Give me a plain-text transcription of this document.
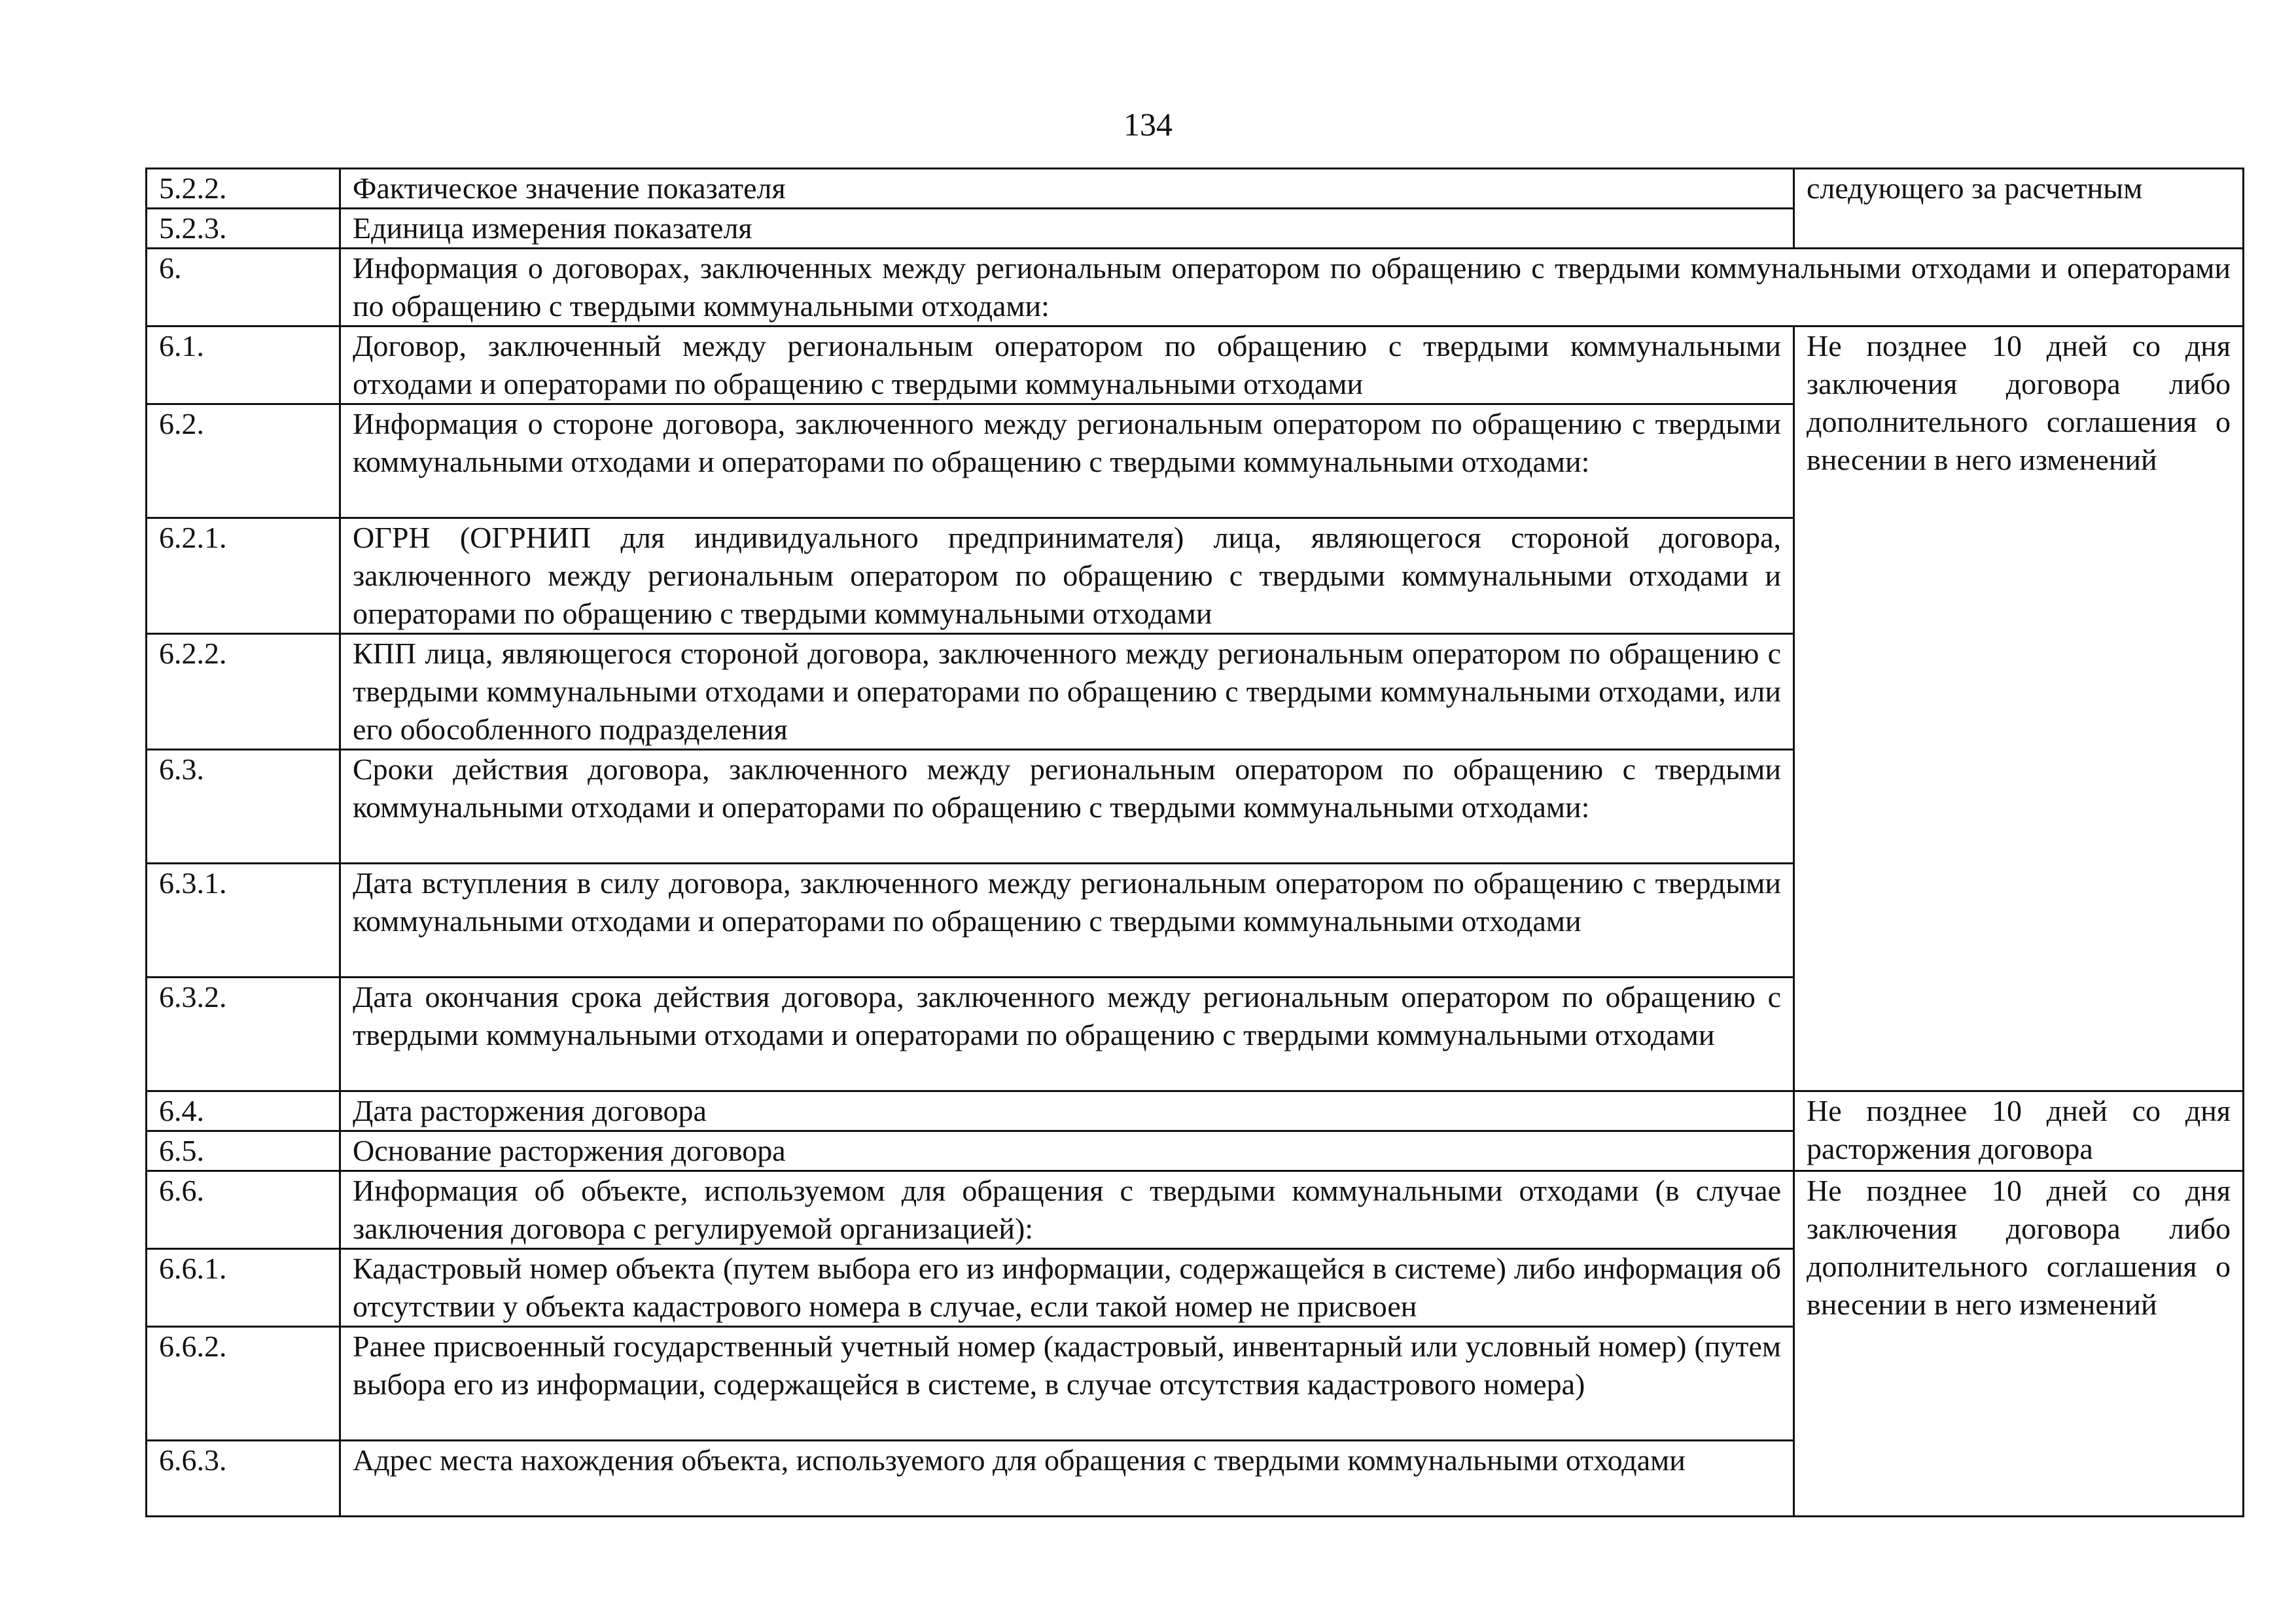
134
5.2.2.	Фактическое значение показателя	следующего за расчетным
5.2.3.	Единица измерения показателя	
6.	Информация о договорах, заключенных между региональным оператором по обращению с твердыми коммунальными отходами и операторами по обращению с твердыми коммунальными отходами:	
6.1.	Договор, заключенный между региональным оператором по обращению с твердыми коммунальными отходами и операторами по обращению с твердыми коммунальными отходами	Не позднее 10 дней со дня заключения договора либо дополнительного соглашения о внесении в него изменений
6.2.	Информация о стороне договора, заключенного между региональным оператором по обращению с твердыми коммунальными отходами и операторами по обращению с твердыми коммунальными отходами:	
6.2.1.	ОГРН (ОГРНИП для индивидуального предпринимателя) лица, являющегося стороной договора, заключенного между региональным оператором по обращению с твердыми коммунальными отходами и операторами по обращению с твердыми коммунальными отходами	
6.2.2.	КПП лица, являющегося стороной договора, заключенного между региональным оператором по обращению с твердыми коммунальными отходами и операторами по обращению с твердыми коммунальными отходами, или его обособленного подразделения	
6.3.	Сроки действия договора, заключенного между региональным оператором по обращению с твердыми коммунальными отходами и операторами по обращению с твердыми коммунальными отходами:	
6.3.1.	Дата вступления в силу договора, заключенного между региональным оператором по обращению с твердыми коммунальными отходами и операторами по обращению с твердыми коммунальными отходами	
6.3.2.	Дата окончания срока действия договора, заключенного между региональным оператором по обращению с твердыми коммунальными отходами и операторами по обращению с твердыми коммунальными отходами	
6.4.	Дата расторжения договора	Не позднее 10 дней со дня расторжения договора
6.5.	Основание расторжения договора	
6.6.	Информация об объекте, используемом для обращения с твердыми коммунальными отходами (в случае заключения договора с регулируемой организацией):	Не позднее 10 дней со дня заключения договора либо дополнительного соглашения о внесении в него изменений
6.6.1.	Кадастровый номер объекта (путем выбора его из информации, содержащейся в системе) либо информация об отсутствии у объекта кадастрового номера в случае, если такой номер не присвоен	
6.6.2.	Ранее присвоенный государственный учетный номер (кадастровый, инвентарный или условный номер) (путем выбора его из информации, содержащейся в системе, в случае отсутствия кадастрового номера)	
6.6.3.	Адрес места нахождения объекта, используемого для обращения с твердыми коммунальными отходами	
